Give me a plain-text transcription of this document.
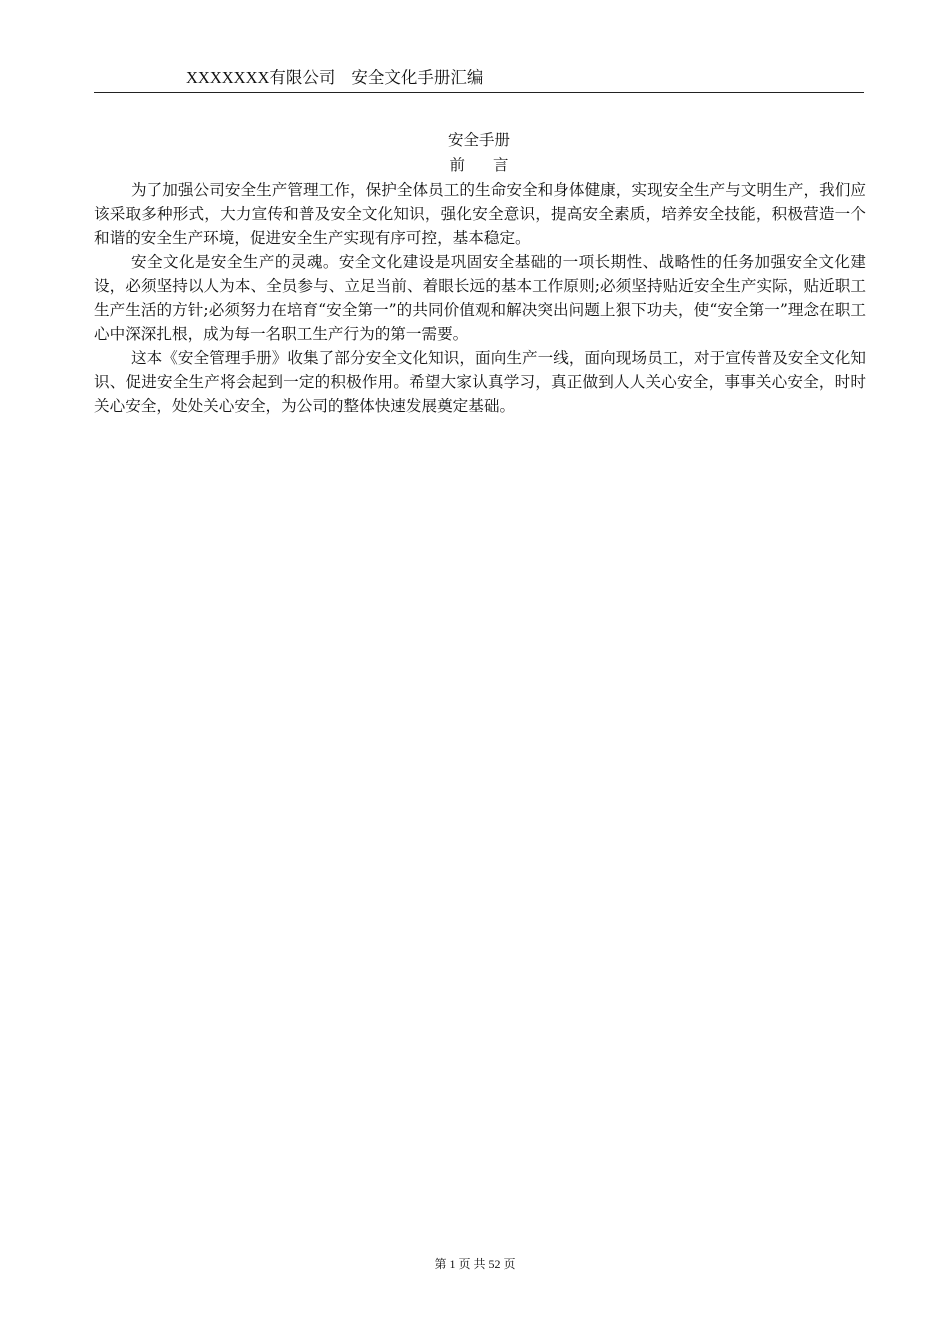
XXXXXXX有限公司 安全文化手册汇编
安全手册
前 言

为了加强公司安全生产管理工作，保护全体员工的生命安全和身体健康，实现安全生产与文明生产，我们应该采取多种形式，大力宣传和普及安全文化知识，强化安全意识，提高安全素质，培养安全技能，积极营造一个和谐的安全生产环境，促进安全生产实现有序可控，基本稳定。

安全文化是安全生产的灵魂。安全文化建设是巩固安全基础的一项长期性、战略性的任务加强安全文化建设，必须坚持以人为本、全员参与、立足当前、着眼长远的基本工作原则;必须坚持贴近安全生产实际，贴近职工生产生活的方针;必须努力在培育“安全第一”的共同价值观和解决突出问题上狠下功夫，使“安全第一”理念在职工心中深深扎根，成为每一名职工生产行为的第一需要。

这本《安全管理手册》收集了部分安全文化知识，面向生产一线，面向现场员工，对于宣传普及安全文化知识、促进安全生产将会起到一定的积极作用。希望大家认真学习，真正做到人人关心安全，事事关心安全，时时关心安全，处处关心安全，为公司的整体快速发展奠定基础。

第 1 页 共 52 页
